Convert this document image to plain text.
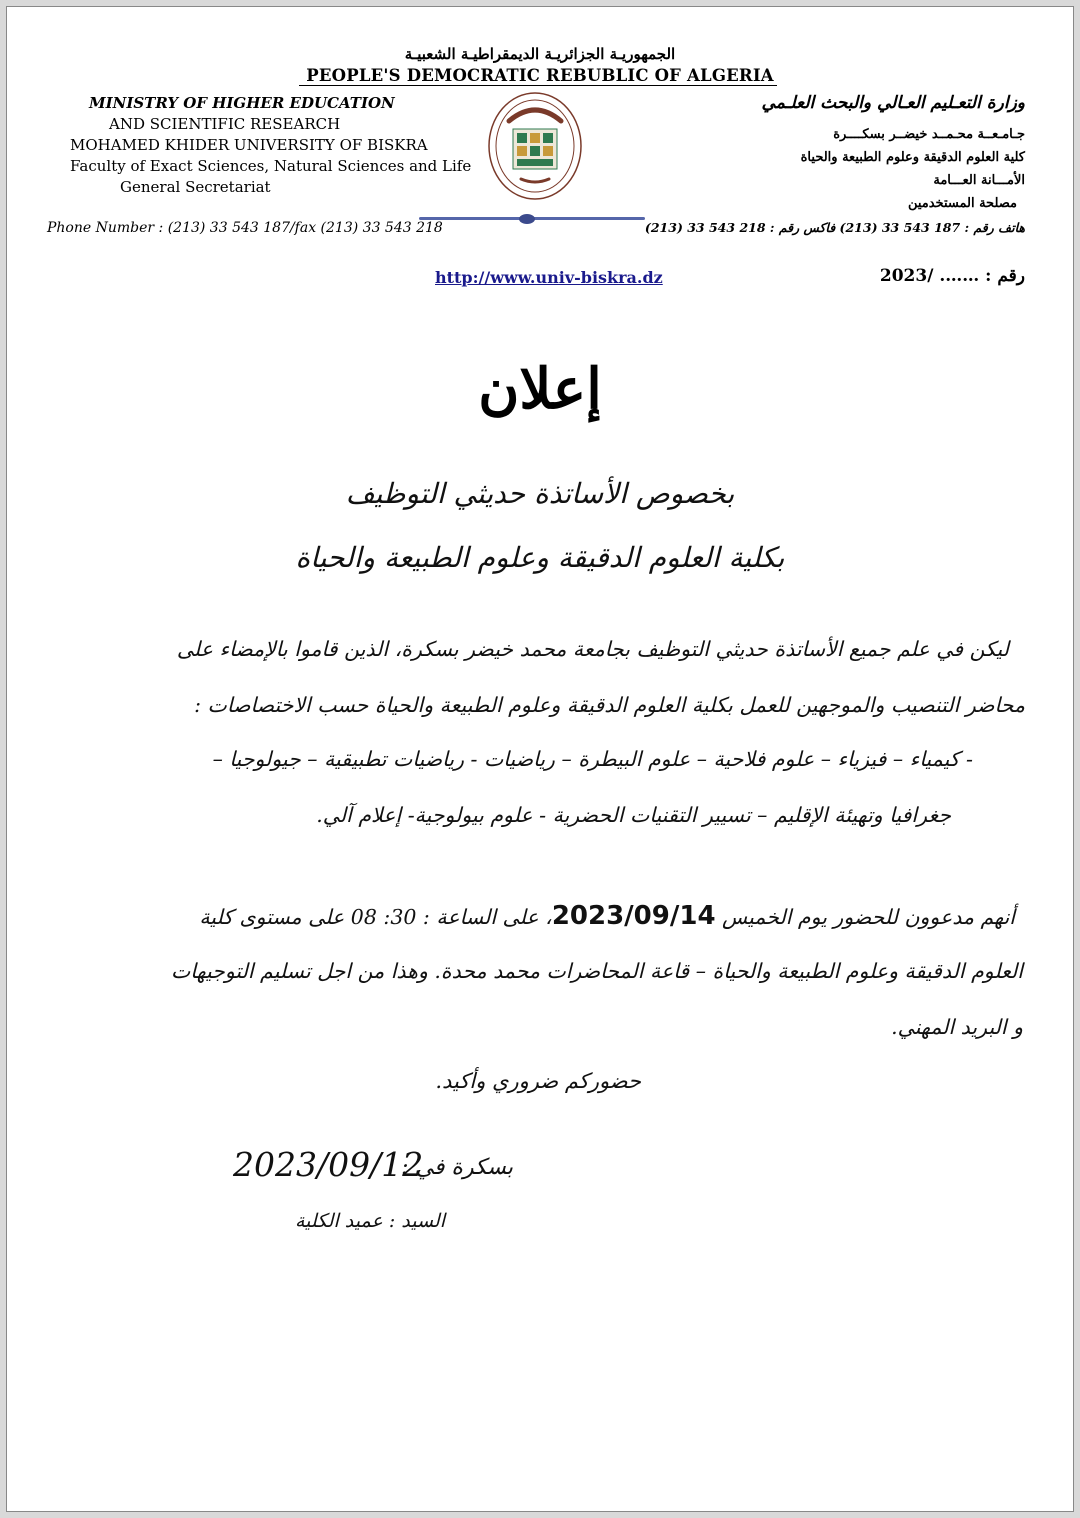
الجمهوريـة الجزائريـة الديمقراطيـة الشعبيـة
PEOPLE'S DEMOCRATIC REBUBLIC OF ALGERIA
MINISTRY OF HIGHER EDUCATION
AND SCIENTIFIC RESEARCH
MOHAMED KHIDER UNIVERSITY OF BISKRA
Faculty of Exact Sciences, Natural Sciences and Life
General Secretariat
وزارة التعـليم العـالي والبحث العلـمي
جـامـعــة محـمــد خيضــر بسكــــرة
كلية العلوم الدقيقة وعلوم الطبيعة والحياة
الأمـــانة العـــامة
مصلحة المستخدمين
Phone Number : (213) 33 543 187/fax (213) 33 543 218	هاتف رقم : 187 543 33 (213) فاكس رقم : 218 543 33 (213)
http://www.univ-biskra.dz	رقم : ……. /2023
إعلان
بخصوص الأساتذة حديثي التوظيف
بكلية العلوم الدقيقة وعلوم الطبيعة والحياة
ليكن في علم جميع الأساتذة حديثي التوظيف بجامعة محمد خيضر بسكرة، الذين قاموا بالإمضاء على
محاضر التنصيب والموجهين للعمل بكلية العلوم الدقيقة وعلوم الطبيعة والحياة حسب الاختصاصات :
- كيمياء – فيزياء – علوم فلاحية – علوم البيطرة – رياضيات - رياضيات تطبيقية – جيولوجيا –
جغرافيا وتهيئة الإقليم – تسيير التقنيات الحضرية - علوم بيولوجية- إعلام آلي.
أنهم مدعوون للحضور يوم الخميس 2023/09/14، على الساعة : 30: 08 على مستوى كلية
العلوم الدقيقة وعلوم الطبيعة والحياة – قاعة المحاضرات محمد محدة. وهذا من اجل تسليم التوجيهات
و البريد المهني.
حضوركم ضروري وأكيد.
بسكرة في :
2023/09/12
السيد : عميد الكلية
